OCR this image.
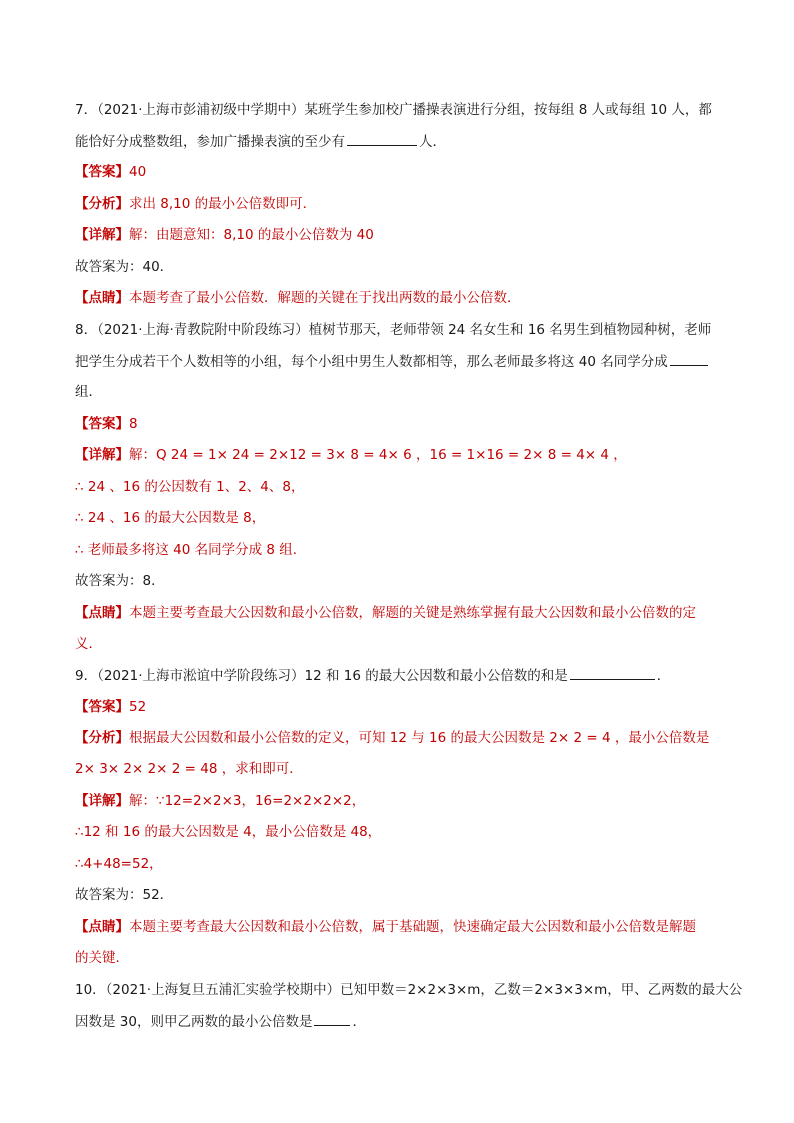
7．（2021·上海市彭浦初级中学期中）某班学生参加校广播操表演进行分组，按每组 8 人或每组 10 人，都
能恰好分成整数组，参加广播操表演的至少有	人．
【答案】40
【分析】求出 8,10 的最小公倍数即可．
【详解】解：由题意知：8,10 的最小公倍数为 40
故答案为：40．
【点睛】本题考查了最小公倍数．解题的关键在于找出两数的最小公倍数．
8．（2021·上海·青教院附中阶段练习）植树节那天，老师带领 24 名女生和 16 名男生到植物园种树，老师
把学生分成若干个人数相等的小组，每个小组中男生人数都相等，那么老师最多将这 40 名同学分成
组．
【答案】8
【详解】解：Q 24 = 1× 24 = 2×12 = 3× 8 = 4× 6 ，16 = 1×16 = 2× 8 = 4× 4 ，
∴ 24 、16 的公因数有 1、2、4、8，
∴ 24 、16 的最大公因数是 8，
∴ 老师最多将这 40 名同学分成 8 组．
故答案为：8．
【点睛】本题主要考查最大公因数和最小公倍数，解题的关键是熟练掌握有最大公因数和最小公倍数的定
义．
9．（2021·上海市淞谊中学阶段练习）12 和 16 的最大公因数和最小公倍数的和是	．
【答案】52
【分析】根据最大公因数和最小公倍数的定义，可知 12 与 16 的最大公因数是 2× 2 = 4 ，最小公倍数是
2× 3× 2× 2× 2 = 48 ，求和即可．
【详解】解：∵12=2×2×3，16=2×2×2×2，
∴12 和 16 的最大公因数是 4，最小公倍数是 48，
∴4+48=52，
故答案为：52．
【点睛】本题主要考查最大公因数和最小公倍数，属于基础题，快速确定最大公因数和最小公倍数是解题
的关键．
10．（2021·上海复旦五浦汇实验学校期中）已知甲数＝2×2×3×m，乙数＝2×3×3×m，甲、乙两数的最大公
因数是 30，则甲乙两数的最小公倍数是	．
